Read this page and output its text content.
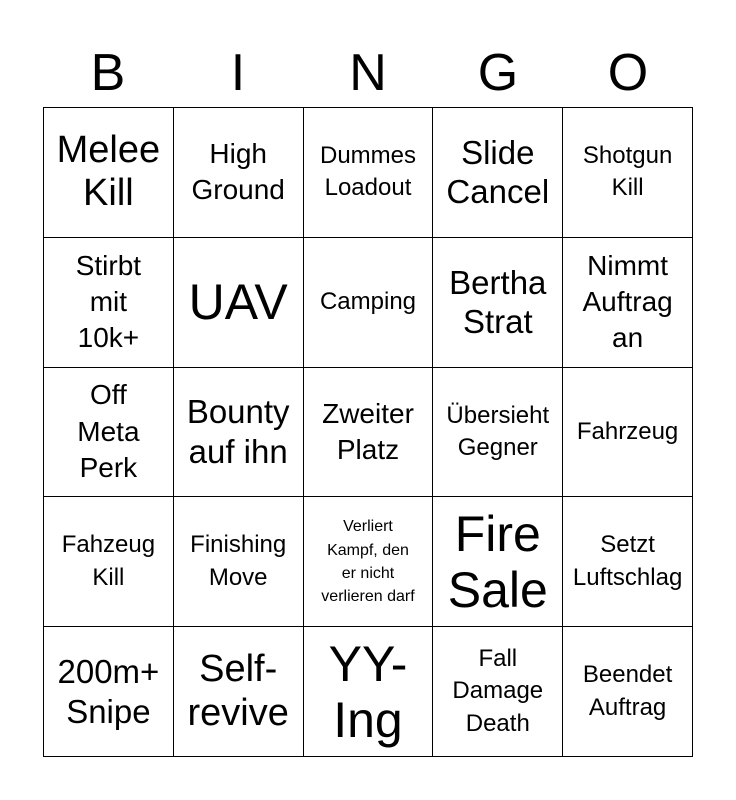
B	I	N	G	O
Melee
Kill
High
Ground
Dummes
Loadout
Slide
Cancel
Shotgun
Kill
Stirbt
mit
10k+
UAV	Camping
Bertha
Strat
Nimmt
Auftrag
an
Off
Meta
Perk
Bounty
auf ihn
Zweiter
Platz
Übersieht
Gegner
Fahrzeug
Fahzeug
Kill
Finishing
Move
Verliert
Kampf, den
er nicht
verlieren darf
Fire
Sale
Setzt
Luftschlag
200m+
Snipe
Self-
revive
YY-
Ing
Fall
Damage
Death
Beendet
Auftrag
